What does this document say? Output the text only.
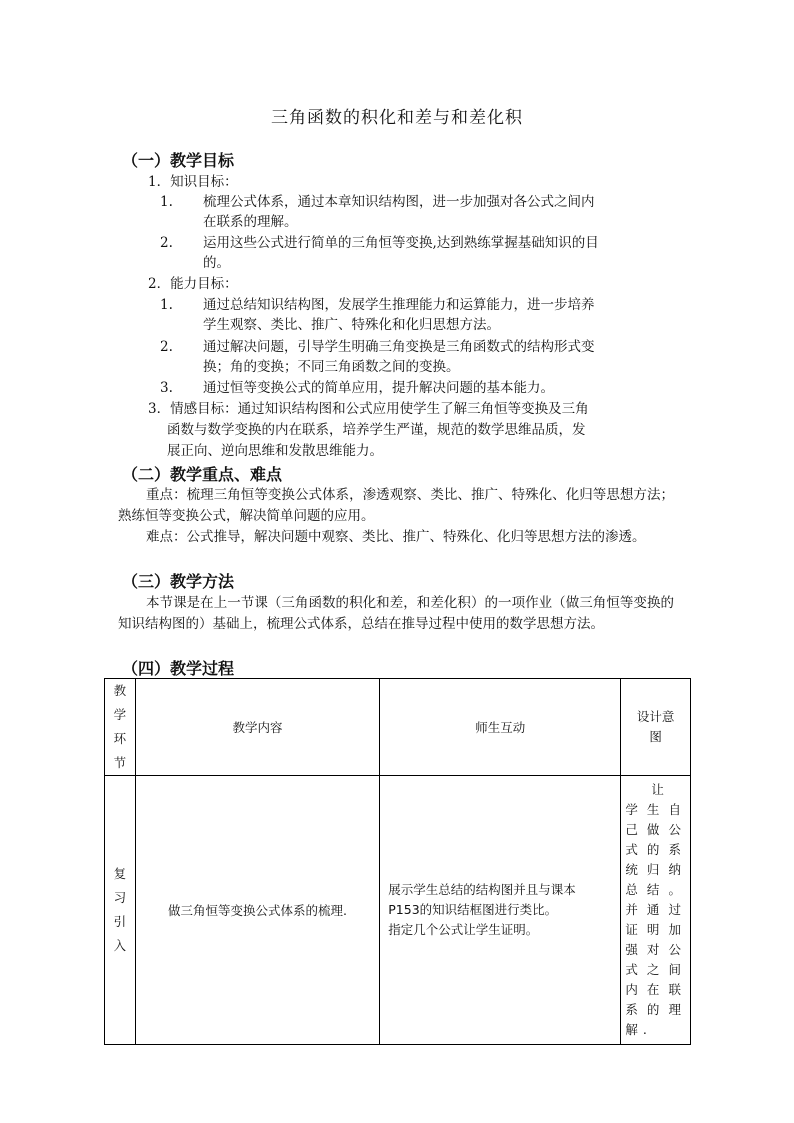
三角函数的积化和差与和差化积
（一）教学目标
1．知识目标：
1. 梳理公式体系，通过本章知识结构图，进一步加强对各公式之间内
在联系的理解。
2. 运用这些公式进行简单的三角恒等变换,达到熟练掌握基础知识的目
的。
2．能力目标：
1. 通过总结知识结构图，发展学生推理能力和运算能力，进一步培养
学生观察、类比、推广、特殊化和化归思想方法。
2. 通过解决问题，引导学生明确三角变换是三角函数式的结构形式变
换；角的变换；不同三角函数之间的变换。
3. 通过恒等变换公式的简单应用，提升解决问题的基本能力。
3．情感目标：通过知识结构图和公式应用使学生了解三角恒等变换及三角
函数与数学变换的内在联系，培养学生严谨，规范的数学思维品质，发
展正向、逆向思维和发散思维能力。
（二）教学重点、难点
重点：梳理三角恒等变换公式体系，渗透观察、类比、推广、特殊化、化归等思想方法；熟练恒等变换公式，解决简单问题的应用。
难点：公式推导，解决问题中观察、类比、推广、特殊化、化归等思想方法的渗透。
（三）教学方法
本节课是在上一节课（三角函数的积化和差，和差化积）的一项作业（做三角恒等变换的知识结构图的）基础上，梳理公式体系，总结在推导过程中使用的数学思想方法。
（四）教学过程
教学环节	教学内容	师生互动	设计意图

复习引入	做三角恒等变换公式体系的梳理.	展示学生总结的结构图并且与课本
P153的知识结框图进行类比。
指定几个公式让学生证明。	让学生自己做公式的系统归纳总结。并通过证明加强对公式之间内在联系的理解.
